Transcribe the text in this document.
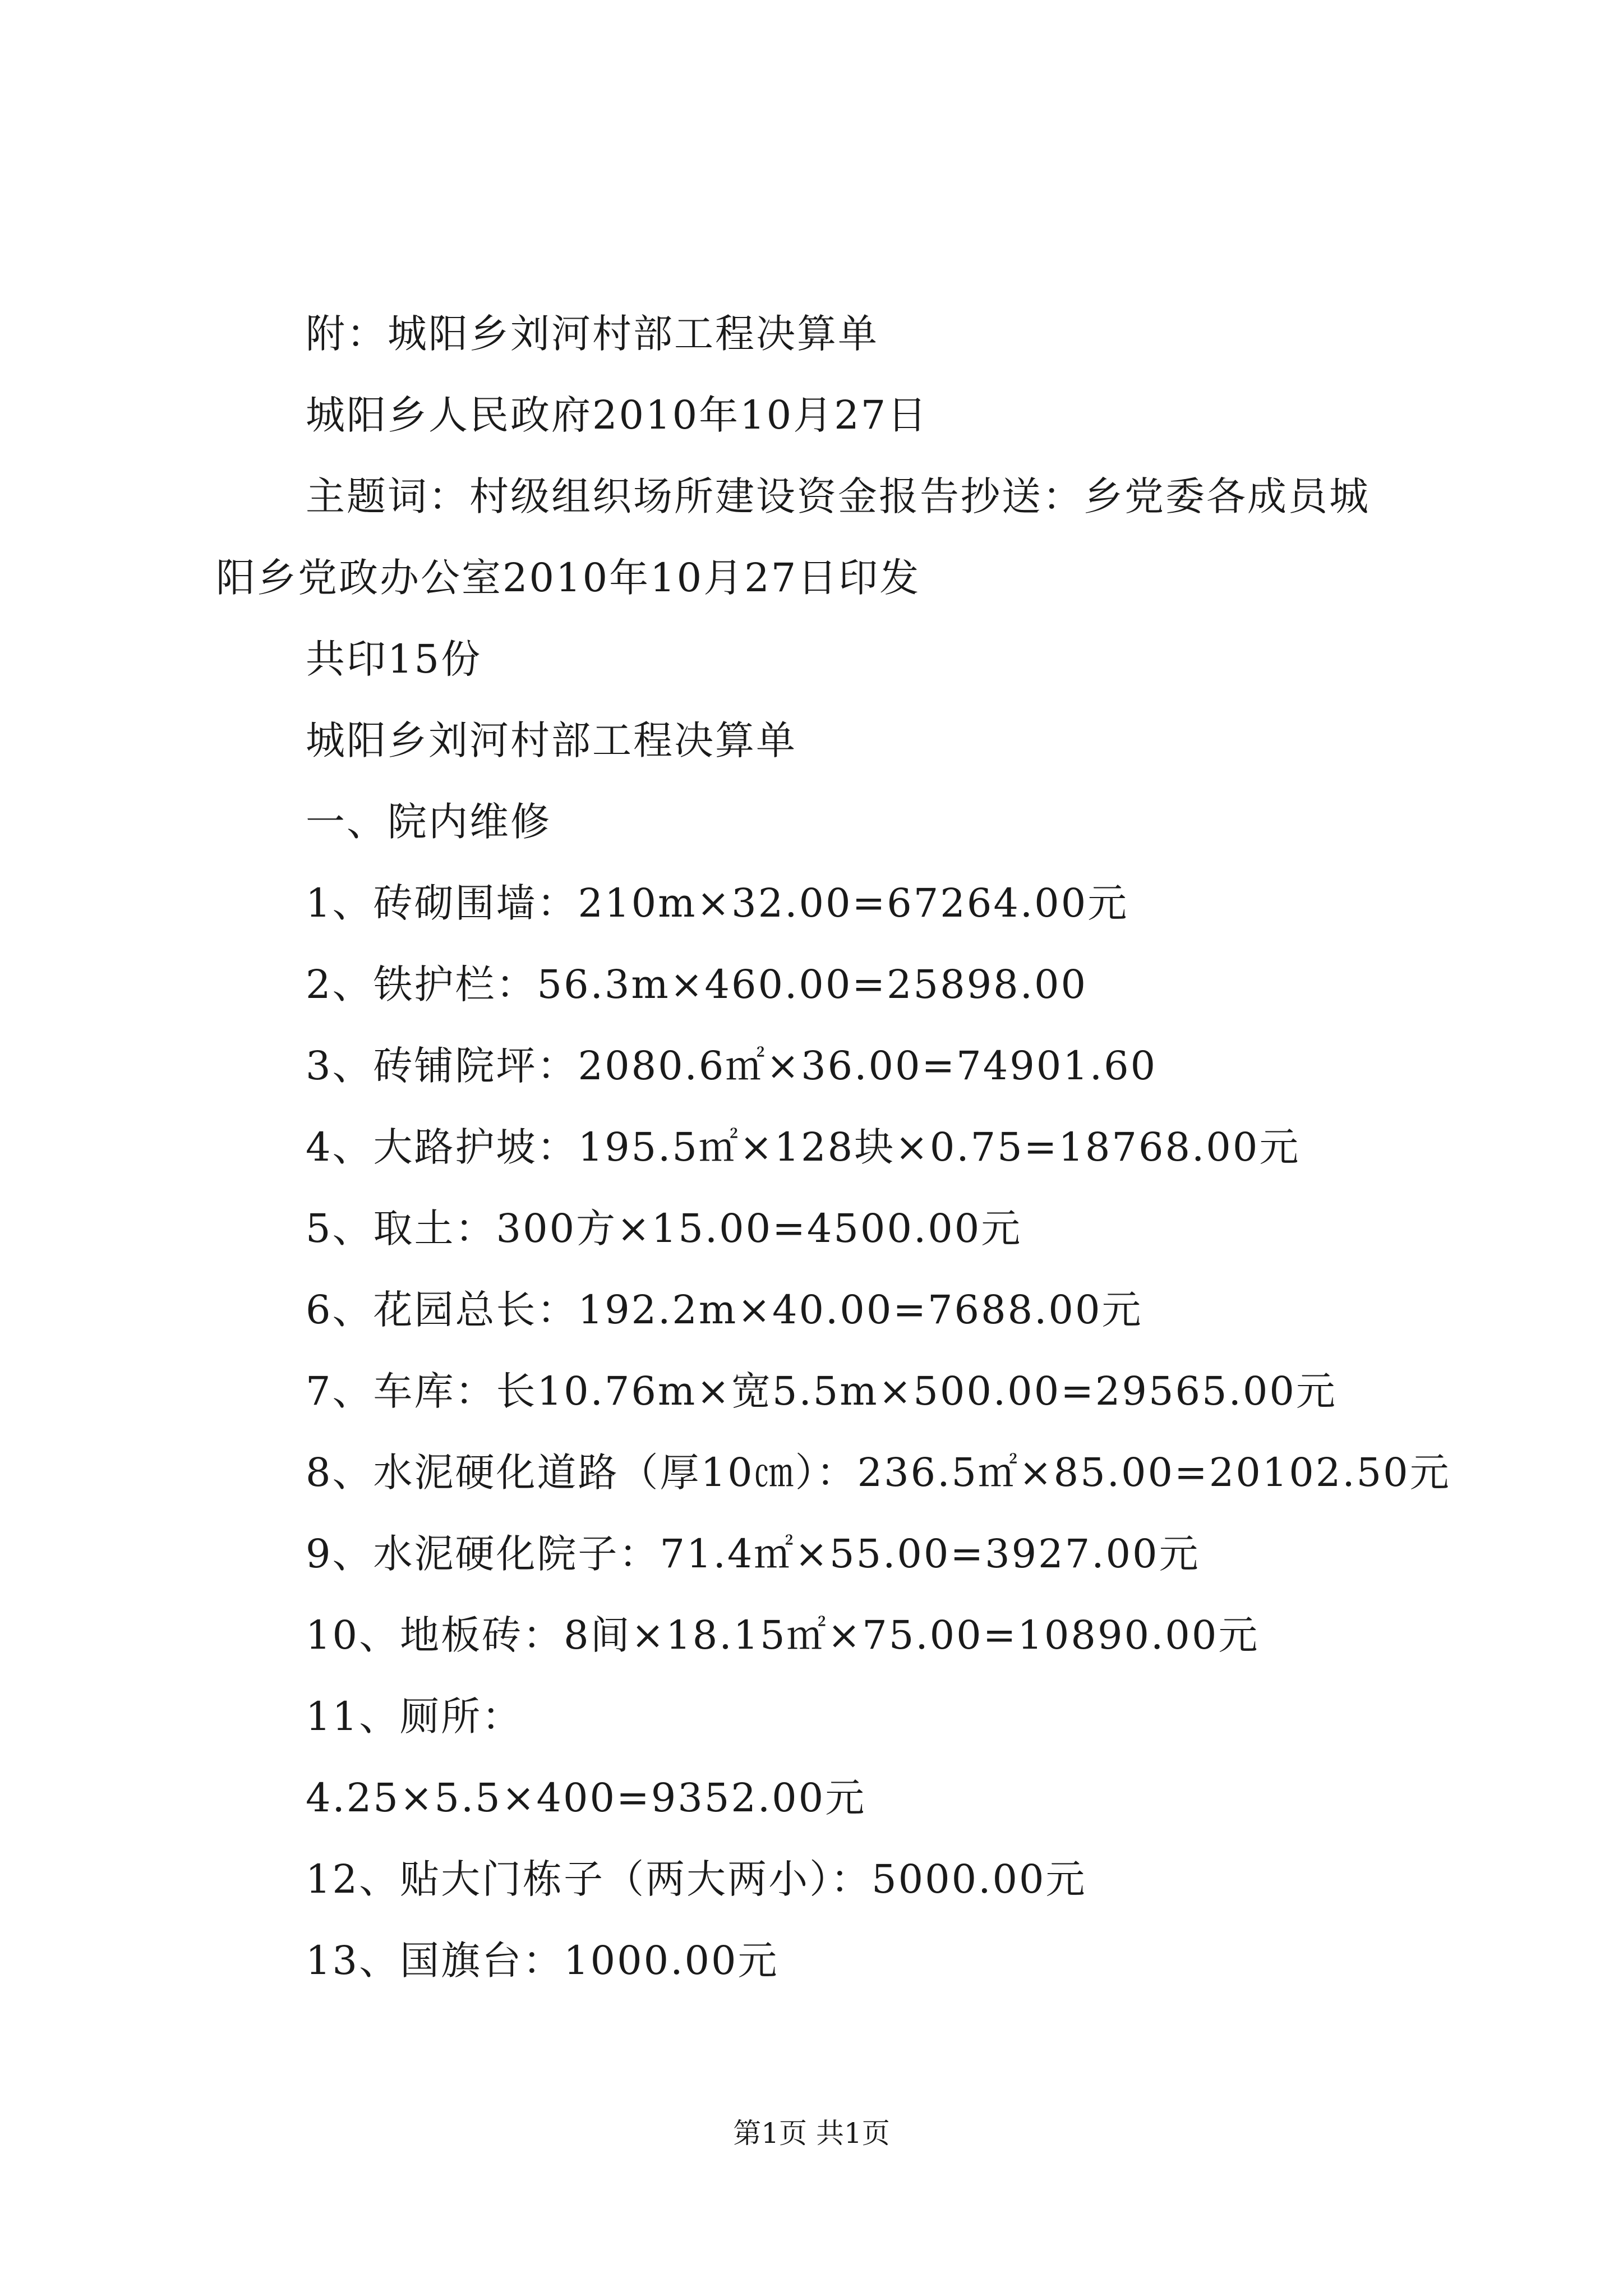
附：城阳乡刘河村部工程决算单
城阳乡人民政府2010年10月27日
主题词：村级组织场所建设资金报告抄送：乡党委各成员城
阳乡党政办公室2010年10月27日印发
共印15份
城阳乡刘河村部工程决算单
一、院内维修
1、砖砌围墙：210m×32.00=67264.00元
2、铁护栏：56.3m×460.00=25898.00
3、砖铺院坪：2080.6㎡×36.00=74901.60
4、大路护坡：195.5㎡×128块×0.75=18768.00元
5、取土：300方×15.00=4500.00元
6、花园总长：192.2m×40.00=7688.00元
7、车库：长10.76m×宽5.5m×500.00=29565.00元
8、水泥硬化道路（厚10㎝）：236.5㎡×85.00=20102.50元
9、水泥硬化院子：71.4㎡×55.00=3927.00元
10、地板砖：8间×18.15㎡×75.00=10890.00元
11、厕所：
4.25×5.5×400=9352.00元
12、贴大门栋子（两大两小）：5000.00元
13、国旗台：1000.00元
第1页 共1页
